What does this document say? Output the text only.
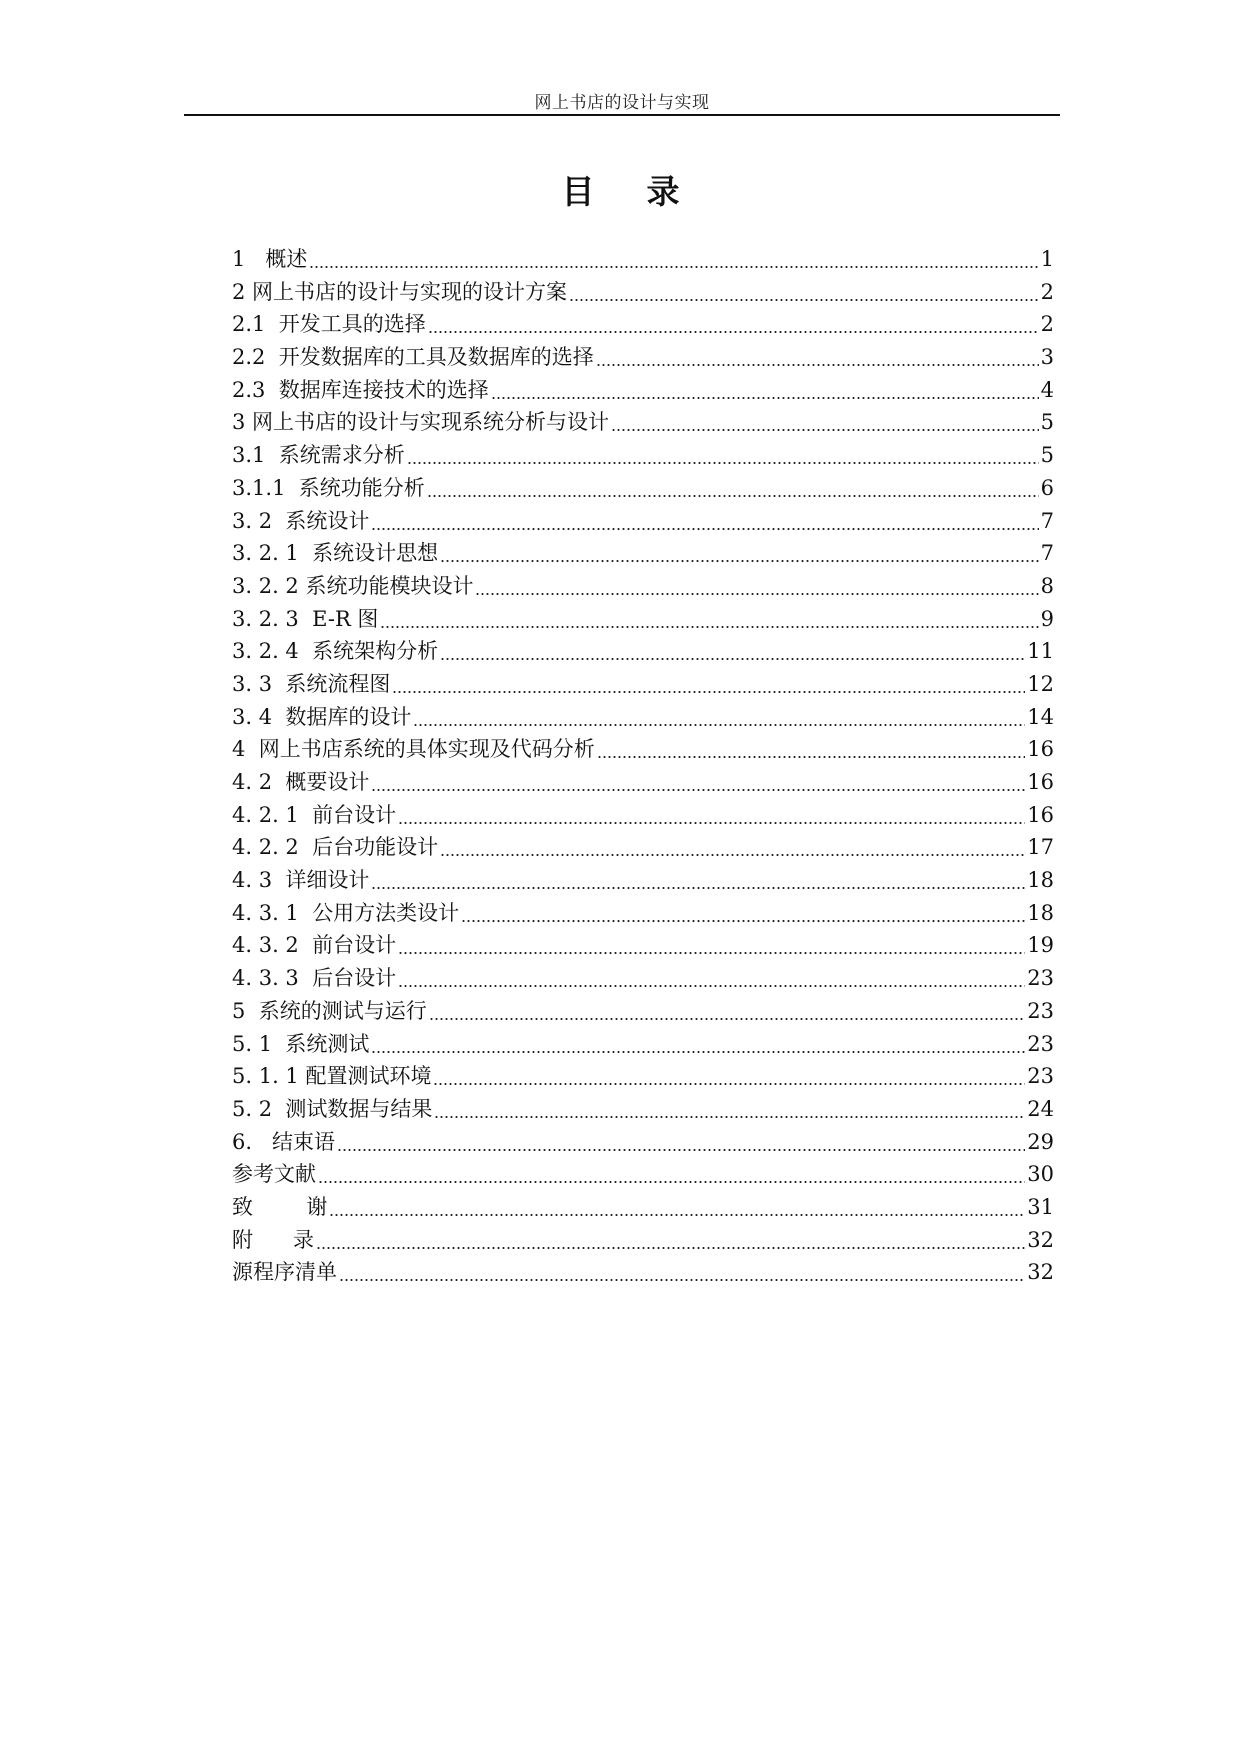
网上书店的设计与实现
目 录
1   概述	1
2 网上书店的设计与实现的设计方案	2
2.1  开发工具的选择	2
2.2  开发数据库的工具及数据库的选择	3
2.3  数据库连接技术的选择	4
3 网上书店的设计与实现系统分析与设计	5
3.1  系统需求分析	5
3.1.1  系统功能分析	6
3. 2  系统设计	7
3. 2. 1  系统设计思想	7
3. 2. 2 系统功能模块设计	8
3. 2. 3  E-R 图	9
3. 2. 4  系统架构分析	11
3. 3  系统流程图	12
3. 4  数据库的设计	14
4  网上书店系统的具体实现及代码分析	16
4. 2  概要设计	16
4. 2. 1  前台设计	16
4. 2. 2  后台功能设计	17
4. 3  详细设计	18
4. 3. 1  公用方法类设计	18
4. 3. 2  前台设计	19
4. 3. 3  后台设计	23
5  系统的测试与运行	23
5. 1  系统测试	23
5. 1. 1 配置测试环境	23
5. 2  测试数据与结果	24
6.   结束语	29
参考文献	30
致        谢	31
附      录	32
源程序清单	32
